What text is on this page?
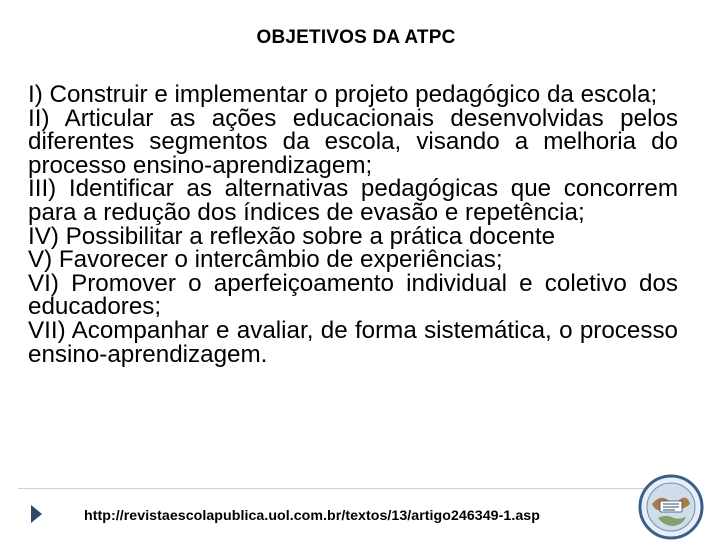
OBJETIVOS DA ATPC
I) Construir e implementar o projeto pedagógico da escola;
II) Articular as ações educacionais desenvolvidas pelos diferentes segmentos da escola, visando a melhoria do processo ensino-aprendizagem;
III) Identificar as alternativas pedagógicas que concorrem para a redução dos índices de evasão e repetência;
IV) Possibilitar a reflexão sobre a prática docente
V) Favorecer o intercâmbio de experiências;
VI) Promover o aperfeiçoamento individual e coletivo dos educadores;
VII) Acompanhar e avaliar, de forma sistemática, o processo ensino-aprendizagem.
http://revistaescolapublica.uol.com.br/textos/13/artigo246349-1.asp
